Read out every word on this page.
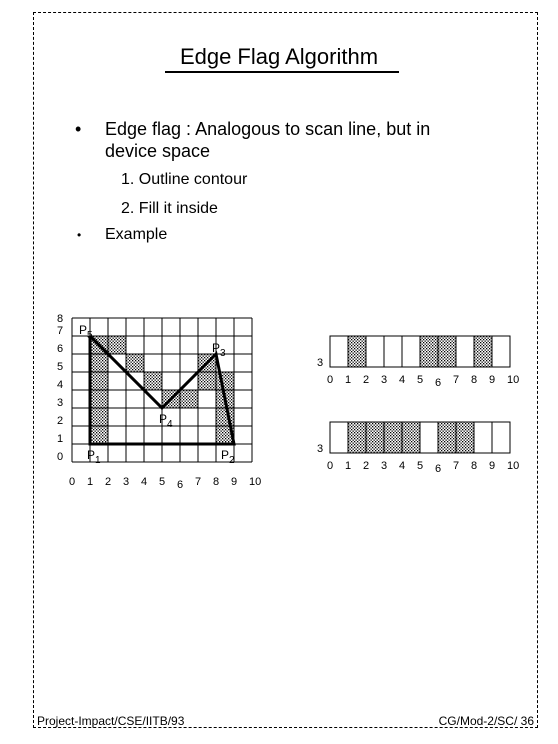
Edge Flag Algorithm
• Edge flag : Analogous to scan line, but in
device space
1. Outline contour
2. Fill it inside
• Example
8
7
6
5
4
3
2
1
0
0 1 2 3 4 5 6 7 8 9 10
$P_5$
$P_3$
$P_4$
$P_1$	$P_2$
3
0 1 2 3 4 5 6 7 8 9 10
3
0 1 2 3 4 5 6 7 8 9 10
Project-Impact/CSE/IITB/93	CG/Mod-2/SC/ 36
